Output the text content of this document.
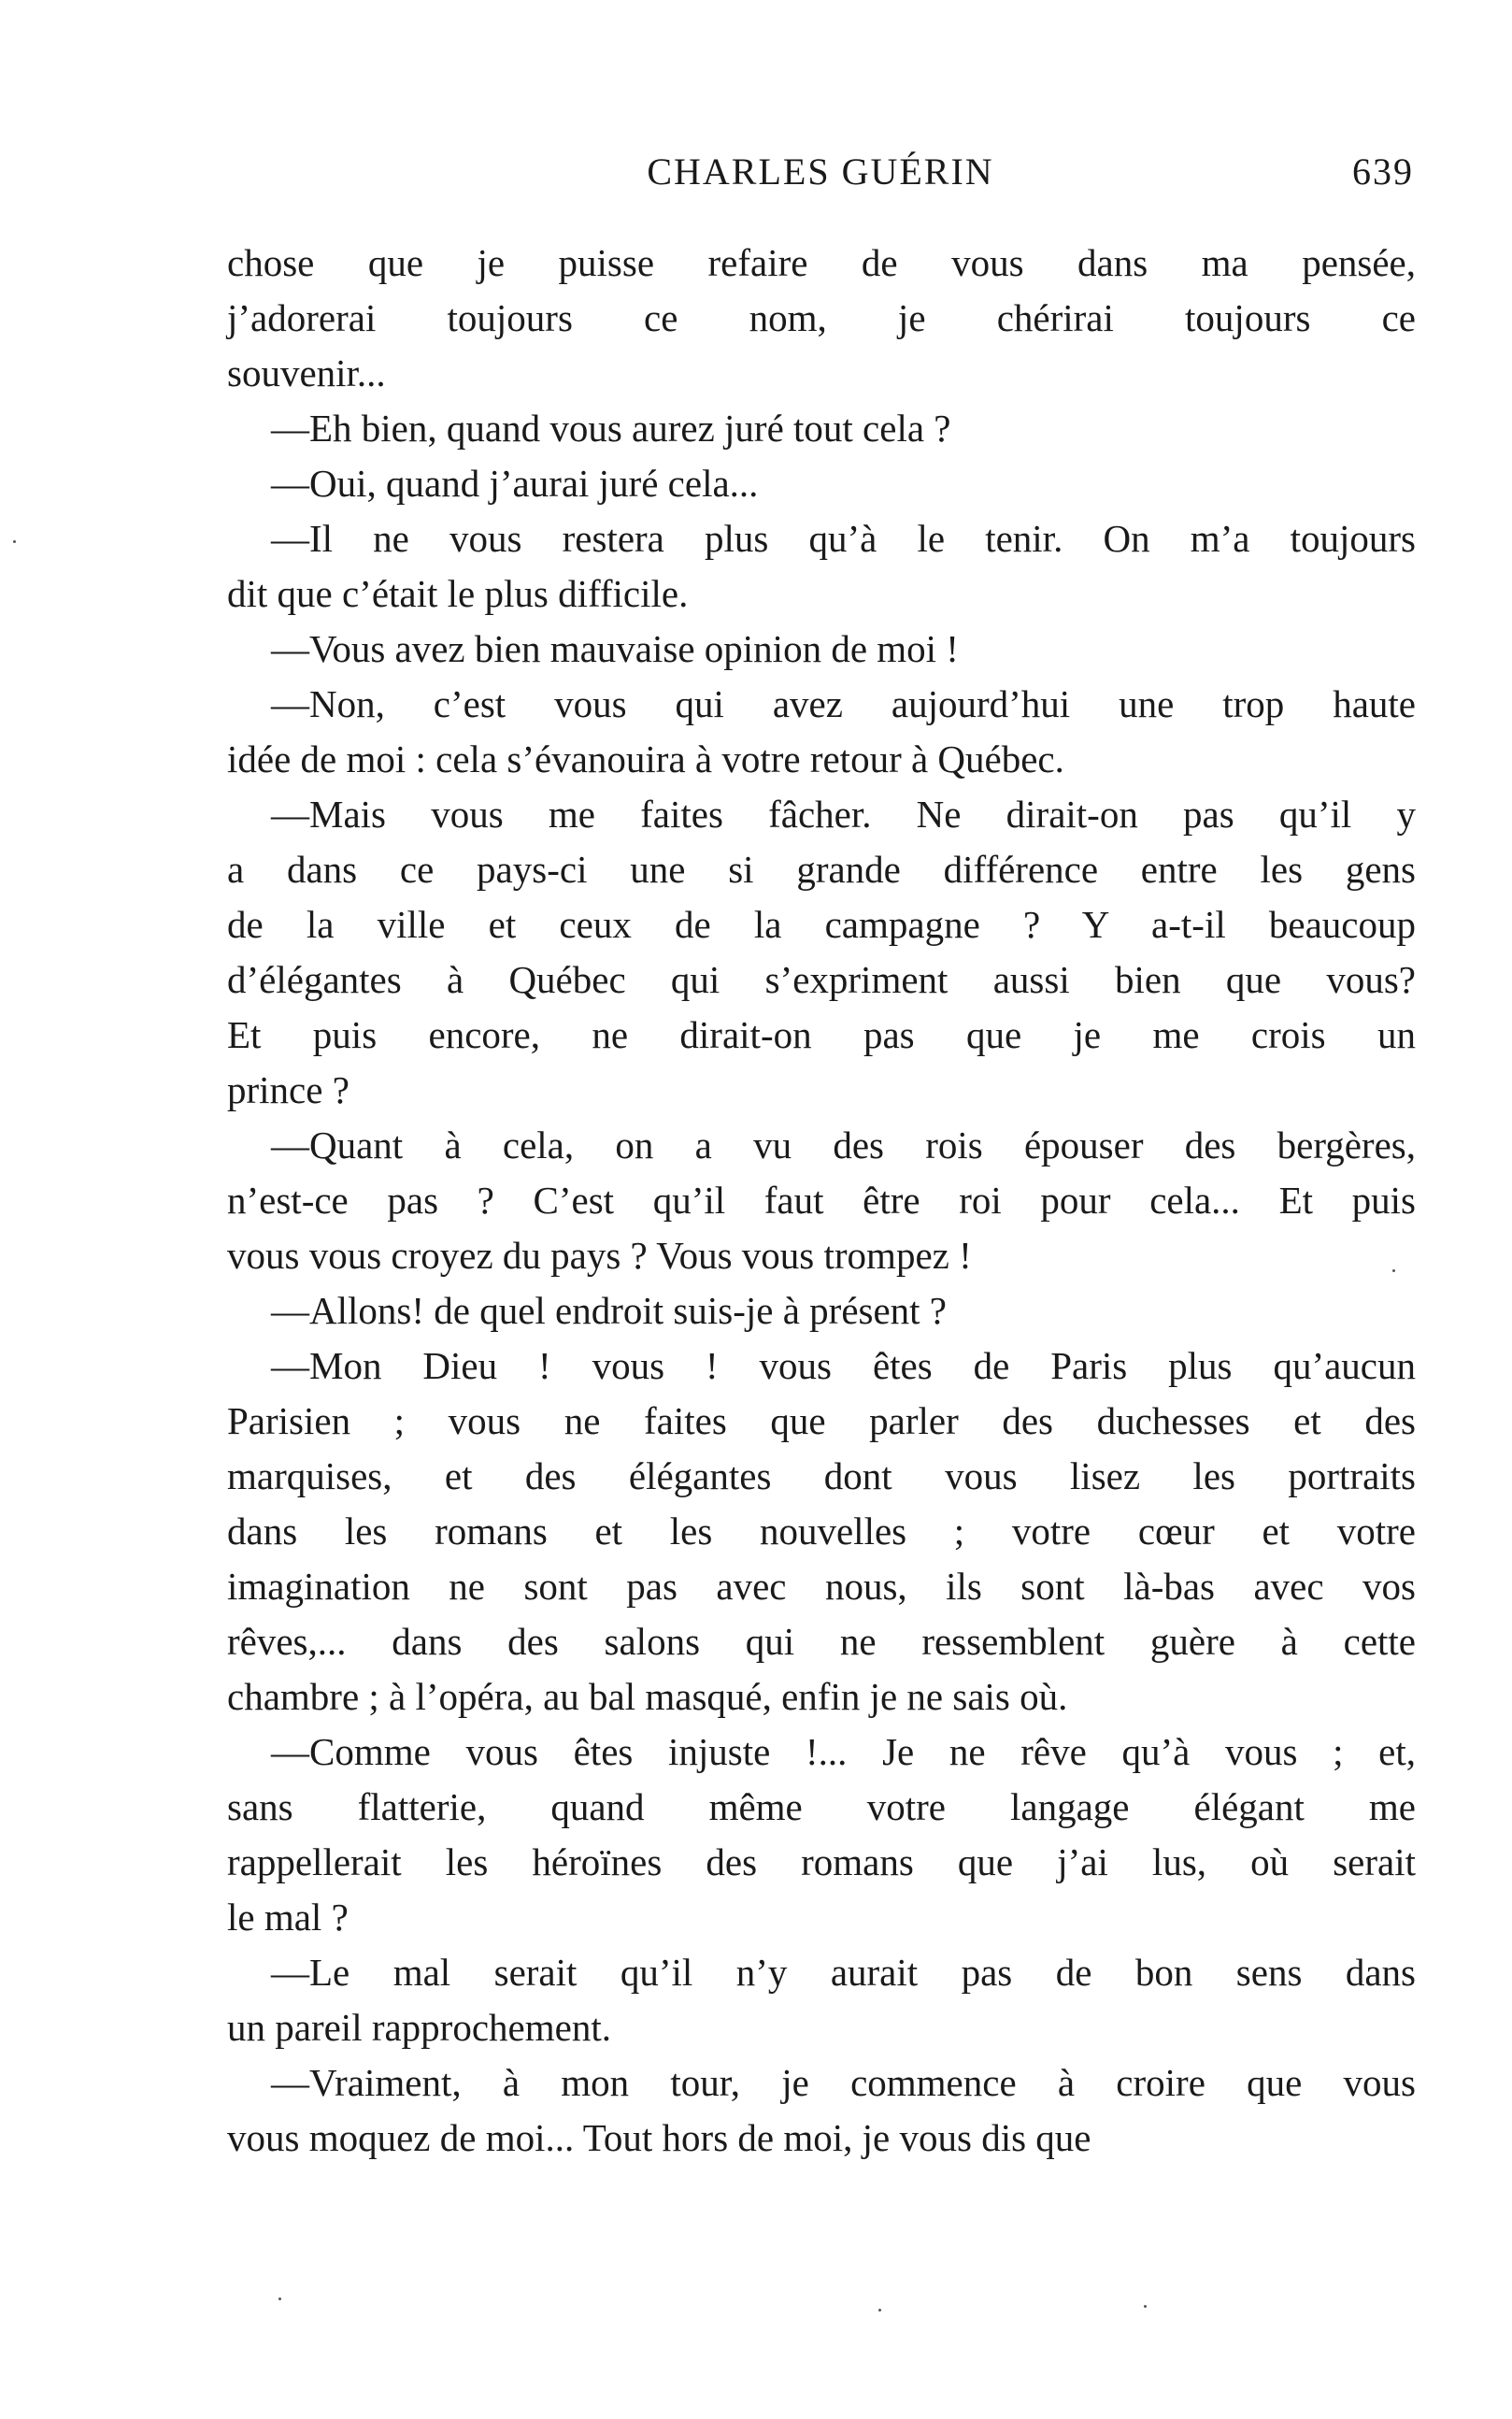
CHARLES GUÉRIN	639
chose que je puisse refaire de vous dans ma pensée,
j’adorerai toujours ce nom, je chérirai toujours ce
souvenir...
—Eh bien, quand vous aurez juré tout cela ?
—Oui, quand j’aurai juré cela...
—Il ne vous restera plus qu’à le tenir. On m’a toujours
dit que c’était le plus difficile.
—Vous avez bien mauvaise opinion de moi !
—Non, c’est vous qui avez aujourd’hui une trop haute
idée de moi : cela s’évanouira à votre retour à Québec.
—Mais vous me faites fâcher. Ne dirait-on pas qu’il y
a dans ce pays-ci une si grande différence entre les gens
de la ville et ceux de la campagne ? Y a-t-il beaucoup
d’élégantes à Québec qui s’expriment aussi bien que vous?
Et puis encore, ne dirait-on pas que je me crois un
prince ?
—Quant à cela, on a vu des rois épouser des bergères,
n’est-ce pas ? C’est qu’il faut être roi pour cela... Et puis
vous vous croyez du pays ? Vous vous trompez !
—Allons! de quel endroit suis-je à présent ?
—Mon Dieu ! vous ! vous êtes de Paris plus qu’aucun
Parisien ; vous ne faites que parler des duchesses et des
marquises, et des élégantes dont vous lisez les portraits
dans les romans et les nouvelles ; votre cœur et votre
imagination ne sont pas avec nous, ils sont là-bas avec vos
rêves,... dans des salons qui ne ressemblent guère à cette
chambre ; à l’opéra, au bal masqué, enfin je ne sais où.
—Comme vous êtes injuste !... Je ne rêve qu’à vous ; et,
sans flatterie, quand même votre langage élégant me
rappellerait les héroïnes des romans que j’ai lus, où serait
le mal ?
—Le mal serait qu’il n’y aurait pas de bon sens dans
un pareil rapprochement.
—Vraiment, à mon tour, je commence à croire que vous
vous moquez de moi... Tout hors de moi, je vous dis que
